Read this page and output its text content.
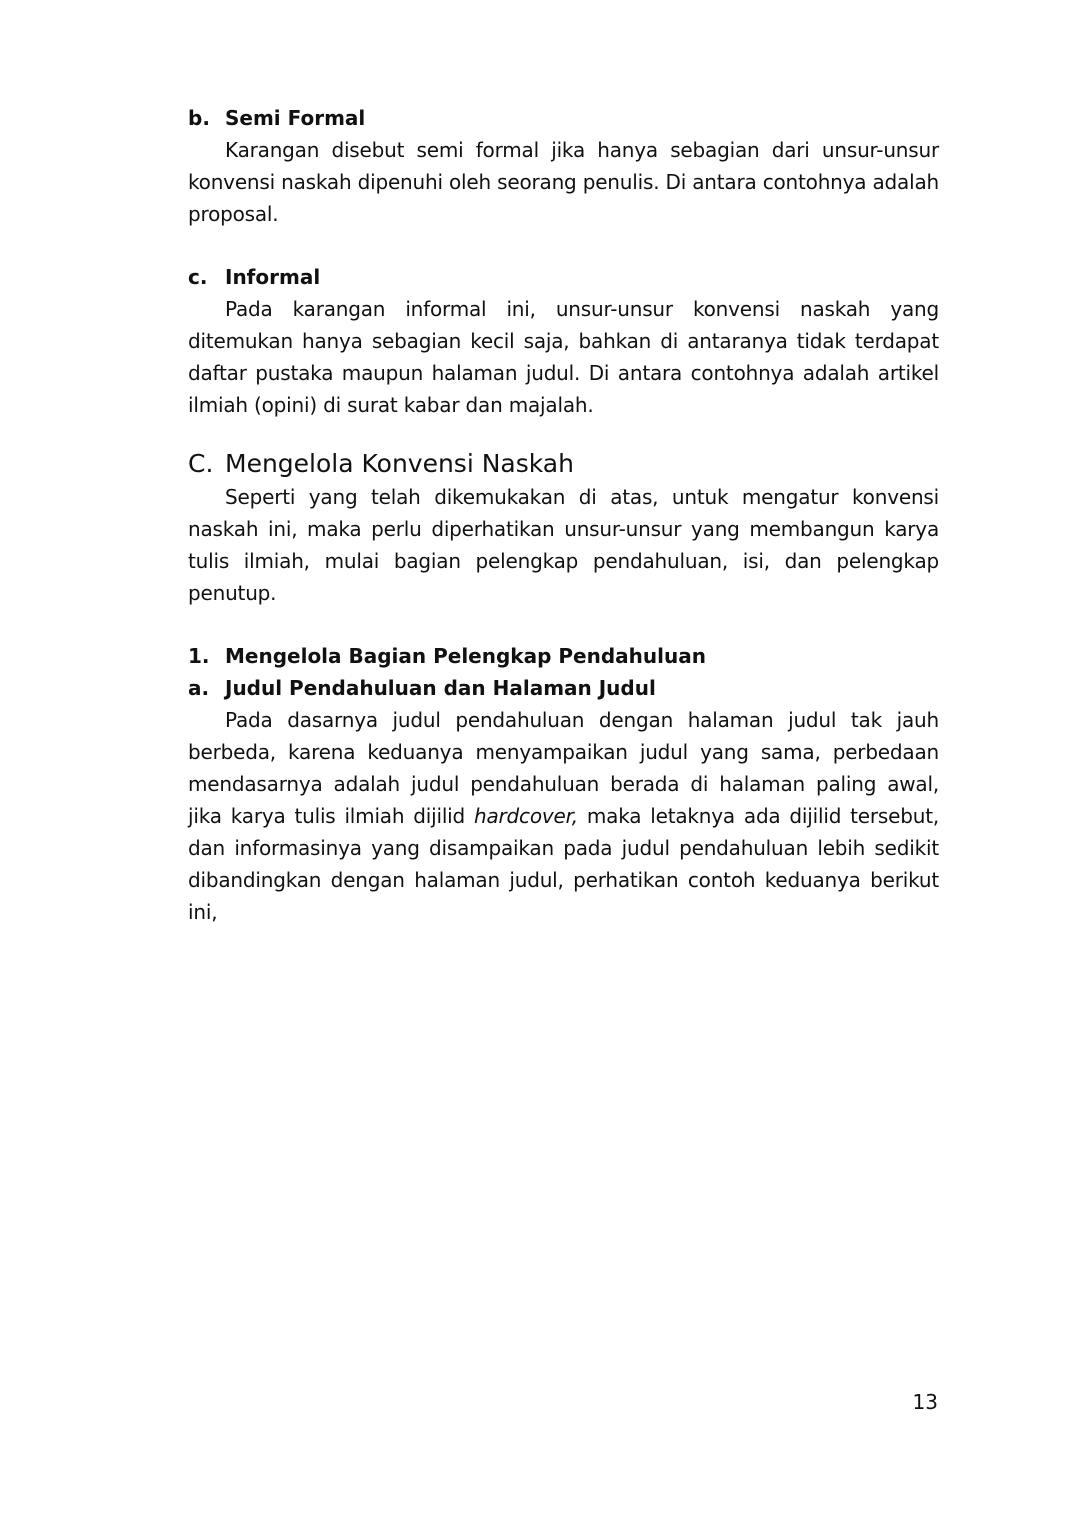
b. Semi Formal

Karangan disebut semi formal jika hanya sebagian dari unsur-unsur konvensi naskah dipenuhi oleh seorang penulis. Di antara contohnya adalah proposal.

c. Informal

Pada karangan informal ini, unsur-unsur konvensi naskah yang ditemukan hanya sebagian kecil saja, bahkan di antaranya tidak terdapat daftar pustaka maupun halaman judul. Di antara contohnya adalah artikel ilmiah (opini) di surat kabar dan majalah.

C. Mengelola Konvensi Naskah

Seperti yang telah dikemukakan di atas, untuk mengatur konvensi naskah ini, maka perlu diperhatikan unsur-unsur yang membangun karya tulis ilmiah, mulai bagian pelengkap pendahuluan, isi, dan pelengkap penutup.

1. Mengelola Bagian Pelengkap Pendahuluan
a. Judul Pendahuluan dan Halaman Judul

Pada dasarnya judul pendahuluan dengan halaman judul tak jauh berbeda, karena keduanya menyampaikan judul yang sama, perbedaan mendasarnya adalah judul pendahuluan berada di halaman paling awal, jika karya tulis ilmiah dijilid hardcover, maka letaknya ada dijilid tersebut, dan informasinya yang disampaikan pada judul pendahuluan lebih sedikit dibandingkan dengan halaman judul, perhatikan contoh keduanya berikut ini,

13
